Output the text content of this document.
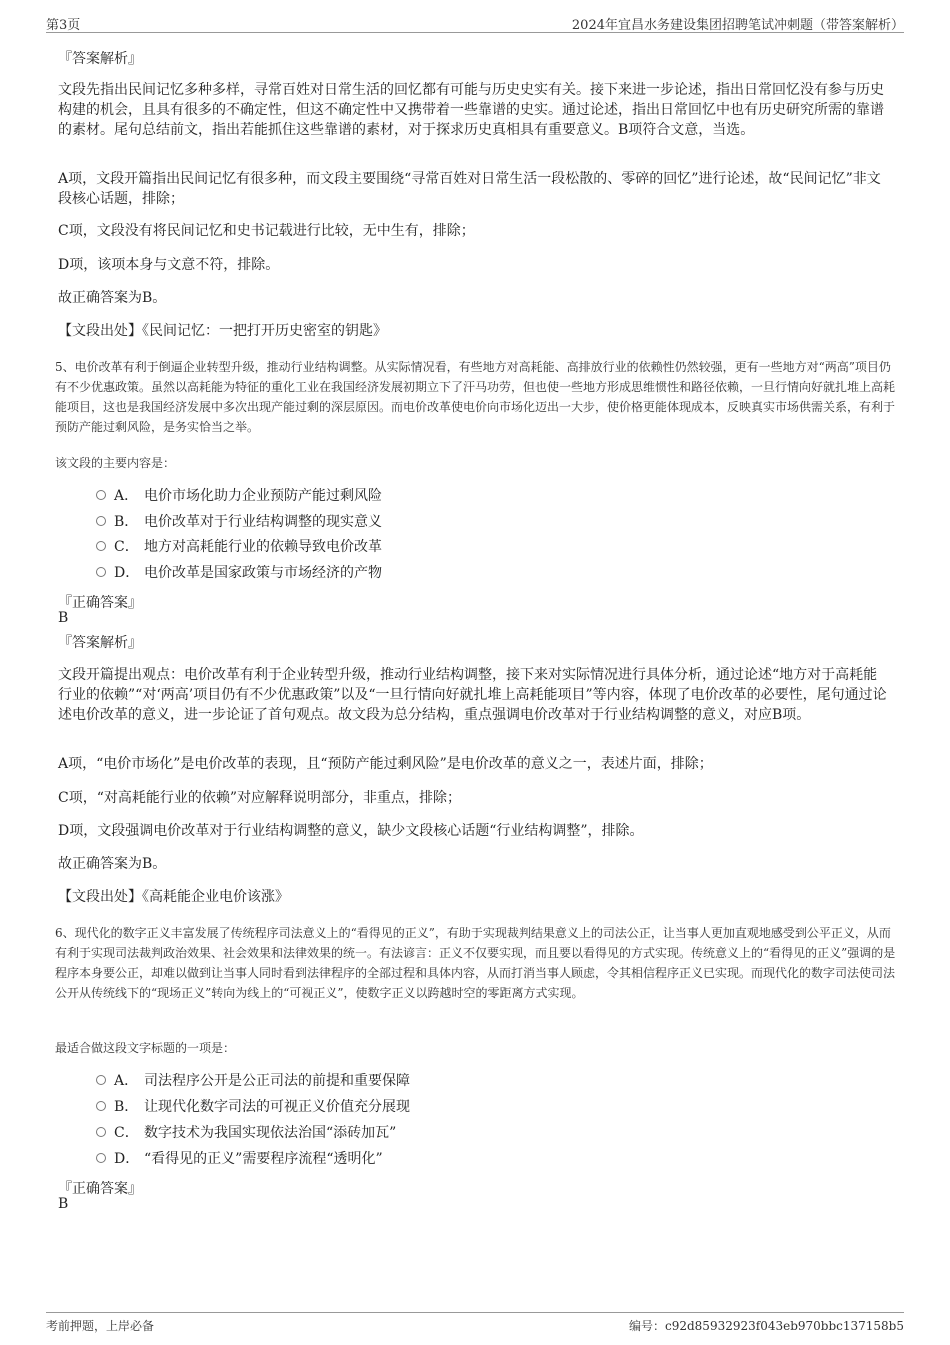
第3页	2024年宜昌水务建设集团招聘笔试冲刺题（带答案解析）

『答案解析』

文段先指出民间记忆多种多样，寻常百姓对日常生活的回忆都有可能与历史史实有关。接下来进一步论述，指出日常回忆没有参与历史构建的机会，且具有很多的不确定性，但这不确定性中又携带着一些靠谱的史实。通过论述，指出日常回忆中也有历史研究所需的靠谱的素材。尾句总结前文，指出若能抓住这些靠谱的素材，对于探求历史真相具有重要意义。B项符合文意，当选。

A项，文段开篇指出民间记忆有很多种，而文段主要围绕“寻常百姓对日常生活一段松散的、零碎的回忆”进行论述，故“民间记忆”非文段核心话题，排除；

C项，文段没有将民间记忆和史书记载进行比较，无中生有，排除；

D项，该项本身与文意不符，排除。

故正确答案为B。

【文段出处】《民间记忆：一把打开历史密室的钥匙》

5、电价改革有利于倒逼企业转型升级，推动行业结构调整。从实际情况看，有些地方对高耗能、高排放行业的依赖性仍然较强，更有一些地方对“两高”项目仍有不少优惠政策。虽然以高耗能为特征的重化工业在我国经济发展初期立下了汗马功劳，但也使一些地方形成思维惯性和路径依赖，一旦行情向好就扎堆上高耗能项目，这也是我国经济发展中多次出现产能过剩的深层原因。而电价改革使电价向市场化迈出一大步，使价格更能体现成本，反映真实市场供需关系，有利于预防产能过剩风险，是务实恰当之举。

该文段的主要内容是：

A． 电价市场化助力企业预防产能过剩风险
B． 电价改革对于行业结构调整的现实意义
C． 地方对高耗能行业的依赖导致电价改革
D． 电价改革是国家政策与市场经济的产物

『正确答案』

B

『答案解析』

文段开篇提出观点：电价改革有利于企业转型升级，推动行业结构调整，接下来对实际情况进行具体分析，通过论述“地方对于高耗能行业的依赖”“对‘两高’项目仍有不少优惠政策”以及“一旦行情向好就扎堆上高耗能项目”等内容，体现了电价改革的必要性，尾句通过论述电价改革的意义，进一步论证了首句观点。故文段为总分结构，重点强调电价改革对于行业结构调整的意义，对应B项。

A项，“电价市场化”是电价改革的表现，且“预防产能过剩风险”是电价改革的意义之一，表述片面，排除；

C项，“对高耗能行业的依赖”对应解释说明部分，非重点，排除；

D项，文段强调电价改革对于行业结构调整的意义，缺少文段核心话题“行业结构调整”，排除。

故正确答案为B。

【文段出处】《高耗能企业电价该涨》

6、现代化的数字正义丰富发展了传统程序司法意义上的“看得见的正义”，有助于实现裁判结果意义上的司法公正，让当事人更加直观地感受到公平正义，从而有利于实现司法裁判政治效果、社会效果和法律效果的统一。有法谚言：正义不仅要实现，而且要以看得见的方式实现。传统意义上的“看得见的正义”强调的是程序本身要公正，却难以做到让当事人同时看到法律程序的全部过程和具体内容，从而打消当事人顾虑，令其相信程序正义已实现。而现代化的数字司法使司法公开从传统线下的“现场正义”转向为线上的“可视正义”，使数字正义以跨越时空的零距离方式实现。

最适合做这段文字标题的一项是：

A． 司法程序公开是公正司法的前提和重要保障
B． 让现代化数字司法的可视正义价值充分展现
C． 数字技术为我国实现依法治国“添砖加瓦”
D． “看得见的正义”需要程序流程“透明化”

『正确答案』

B

考前押题，上岸必备	编号：c92d85932923f043eb970bbc137158b5
